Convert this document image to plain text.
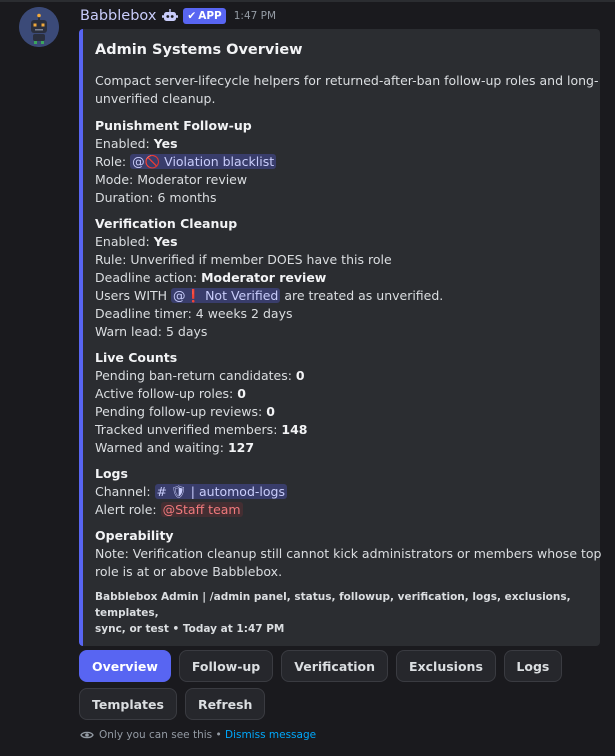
Babblebox	✔ APP 1:47 PM
Admin Systems Overview
Compact server-lifecycle helpers for returned-after-ban follow-up roles and long-
unverified cleanup.
Punishment Follow-up
Enabled: Yes
Role: @🚫 Violation blacklist
Mode: Moderator review
Duration: 6 months
Verification Cleanup
Enabled: Yes
Rule: Unverified if member DOES have this role
Deadline action: Moderator review
Users WITH @❗ Not Verified are treated as unverified.
Deadline timer: 4 weeks 2 days
Warn lead: 5 days
Live Counts
Pending ban-return candidates: 0
Active follow-up roles: 0
Pending follow-up reviews: 0
Tracked unverified members: 148
Warned and waiting: 127
Logs
Channel: # 🛡 | automod-logs
Alert role: @Staff team
Operability
Note: Verification cleanup still cannot kick administrators or members whose top
role is at or above Babblebox.
Babblebox Admin | /admin panel, status, followup, verification, logs, exclusions, templates,
sync, or test • Today at 1:47 PM
Overview	Follow-up	Verification	Exclusions	Logs
Templates	Refresh
Only you can see this • Dismiss message
